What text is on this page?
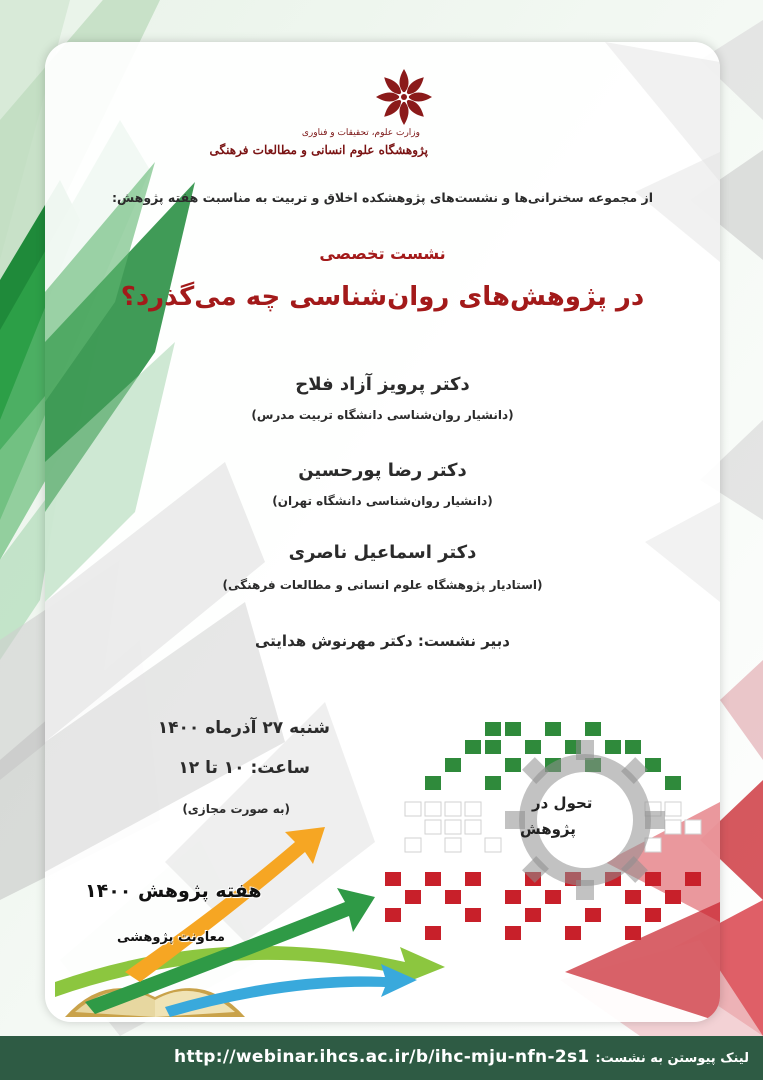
وزارت علوم، تحقیقات و فناوری
پژوهشگاه علوم انسانی و مطالعات فرهنگی
از مجموعه سخنرانی‌ها و نشست‌های پژوهشکده اخلاق و تربیت به مناسبت هفته پژوهش:
نشست تخصصی
در پژوهش‌های روان‌شناسی چه می‌گذرد؟
دکتر پرویز آزاد فلاح
(دانشیار روان‌شناسی دانشگاه تربیت مدرس)
دکتر رضا پورحسین
(دانشیار روان‌شناسی دانشگاه تهران)
دکتر اسماعیل ناصری
(استادیار پژوهشگاه علوم انسانی و مطالعات فرهنگی)
دبیر نشست: دکتر مهرنوش هدایتی
شنبه ۲۷ آذرماه ۱۴۰۰
ساعت: ۱۰ تا ۱۲
(به صورت مجازی)	تحول در
پژوهش
هفته پژوهش ۱۴۰۰
معاونت پژوهشی
لینک پیوستن به نشست: http://webinar.ihcs.ac.ir/b/ihc-mju-nfn-2s1
